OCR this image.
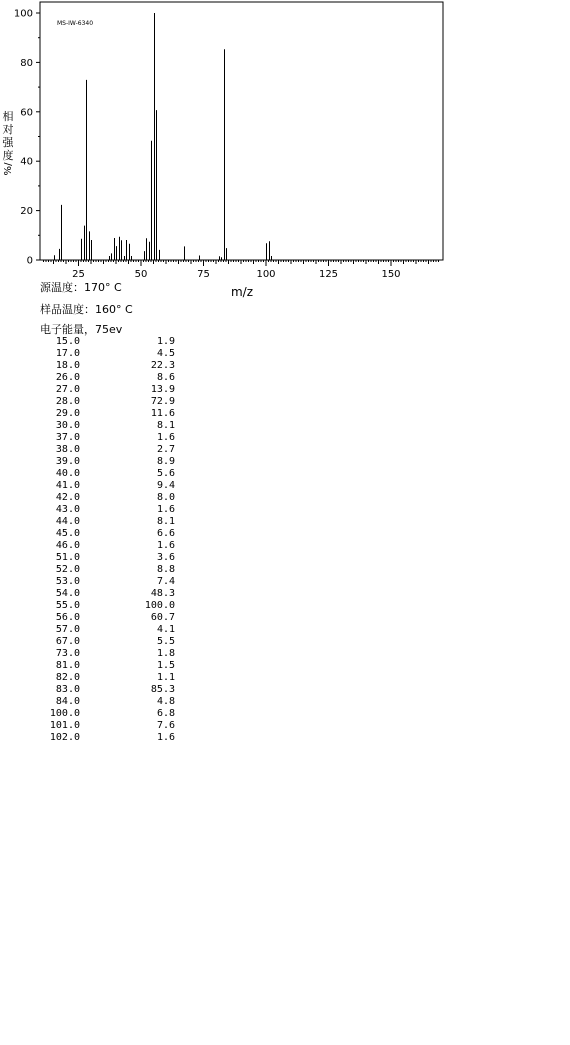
0
20
40
60
80
100
25	50	75	100	125	150
MS-IW-6340
m/z
相
对
强
度
%/
源温度：170° C
样品温度：160° C
电子能量，75ev
15.0	1.9
17.0	4.5
18.0	22.3
26.0	8.6
27.0	13.9
28.0	72.9
29.0	11.6
30.0	8.1
37.0	1.6
38.0	2.7
39.0	8.9
40.0	5.6
41.0	9.4
42.0	8.0
43.0	1.6
44.0	8.1
45.0	6.6
46.0	1.6
51.0	3.6
52.0	8.8
53.0	7.4
54.0	48.3
55.0	100.0
56.0	60.7
57.0	4.1
67.0	5.5
73.0	1.8
81.0	1.5
82.0	1.1
83.0	85.3
84.0	4.8
100.0	6.8
101.0	7.6
102.0	1.6
